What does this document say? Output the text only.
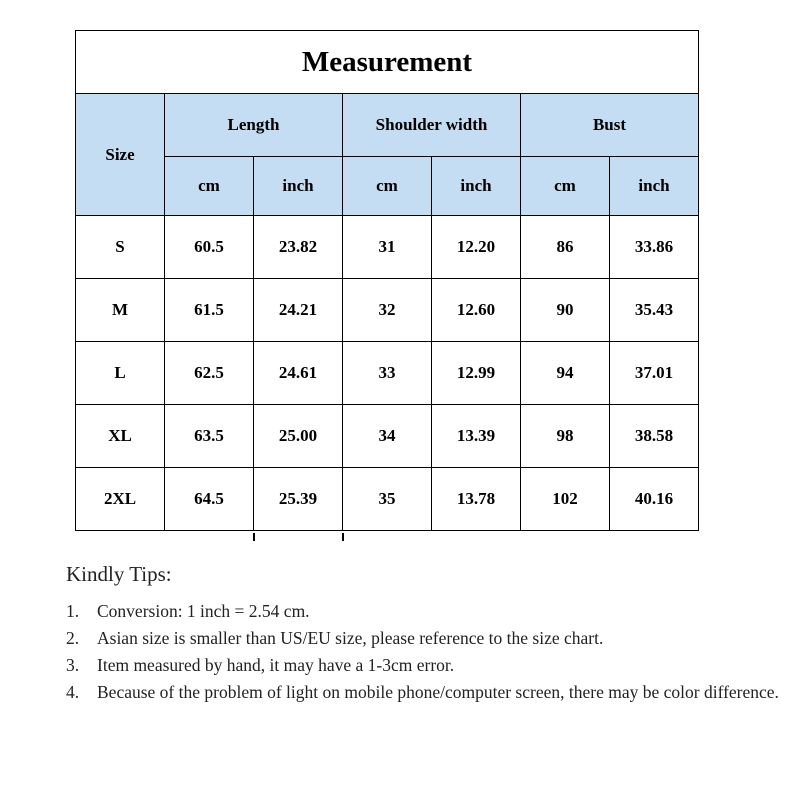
Measurement						
Size	Length		Shoulder width		Bust	
	cm	inch	cm	inch	cm	inch
S	60.5	23.82	31	12.20	86	33.86
M	61.5	24.21	32	12.60	90	35.43
L	62.5	24.61	33	12.99	94	37.01
XL	63.5	25.00	34	13.39	98	38.58
2XL	64.5	25.39	35	13.78	102	40.16
Kindly Tips:
1.	Conversion: 1 inch = 2.54 cm.
2.	Asian size is smaller than US/EU size, please reference to the size chart.
3.	Item measured by hand, it may have a 1-3cm error.
4.	Because of the problem of light on mobile phone/computer screen, there may be color difference.
